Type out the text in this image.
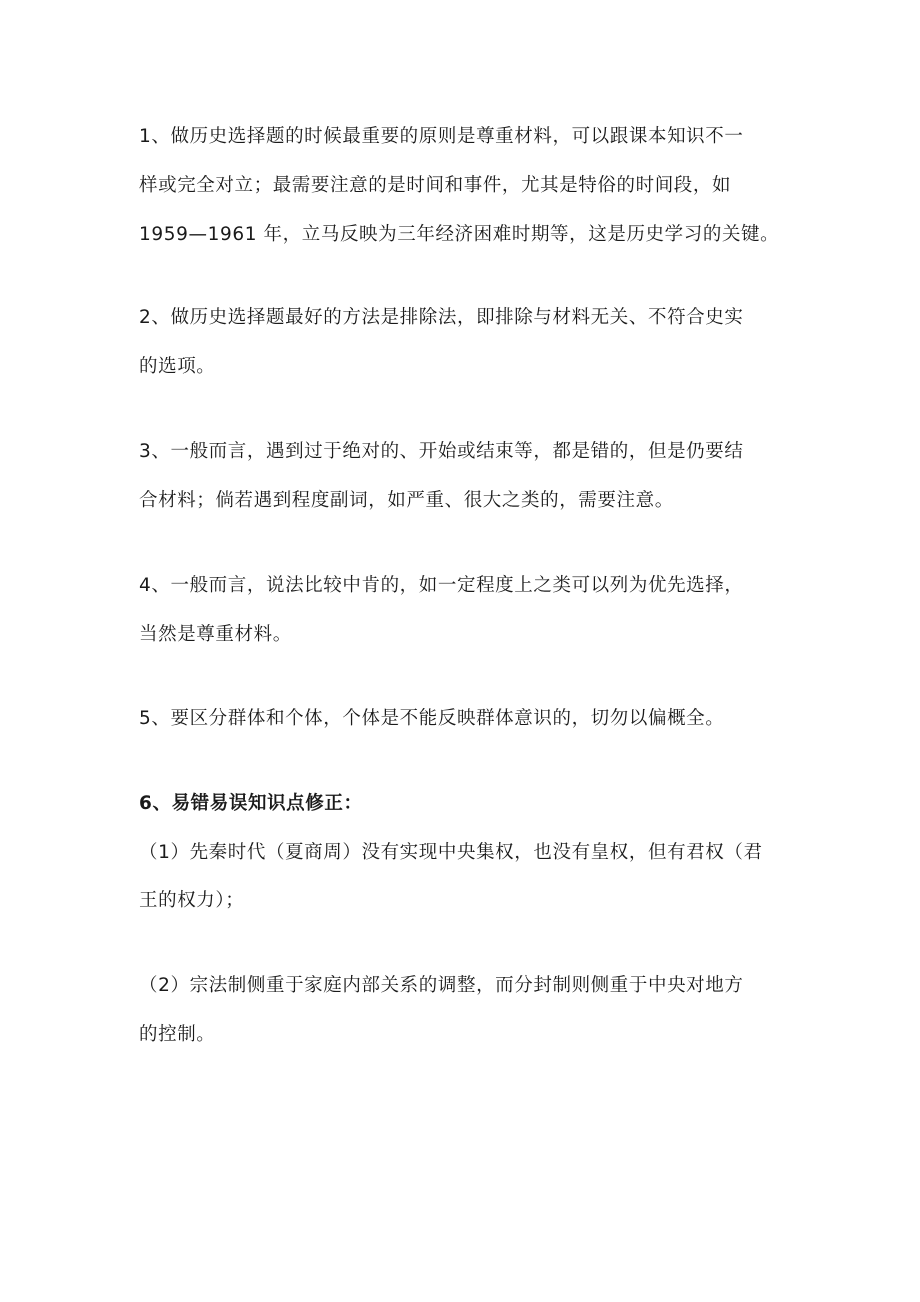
1、做历史选择题的时候最重要的原则是尊重材料，可以跟课本知识不一
样或完全对立；最需要注意的是时间和事件，尤其是特俗的时间段，如
1959—1961 年，立马反映为三年经济困难时期等，这是历史学习的关键。
2、做历史选择题最好的方法是排除法，即排除与材料无关、不符合史实
的选项。
3、一般而言，遇到过于绝对的、开始或结束等，都是错的，但是仍要结
合材料；倘若遇到程度副词，如严重、很大之类的，需要注意。
4、一般而言，说法比较中肯的，如一定程度上之类可以列为优先选择，
当然是尊重材料。
5、要区分群体和个体，个体是不能反映群体意识的，切勿以偏概全。
6、易错易误知识点修正：
（1）先秦时代（夏商周）没有实现中央集权，也没有皇权，但有君权（君
王的权力）；
（2）宗法制侧重于家庭内部关系的调整，而分封制则侧重于中央对地方
的控制。
